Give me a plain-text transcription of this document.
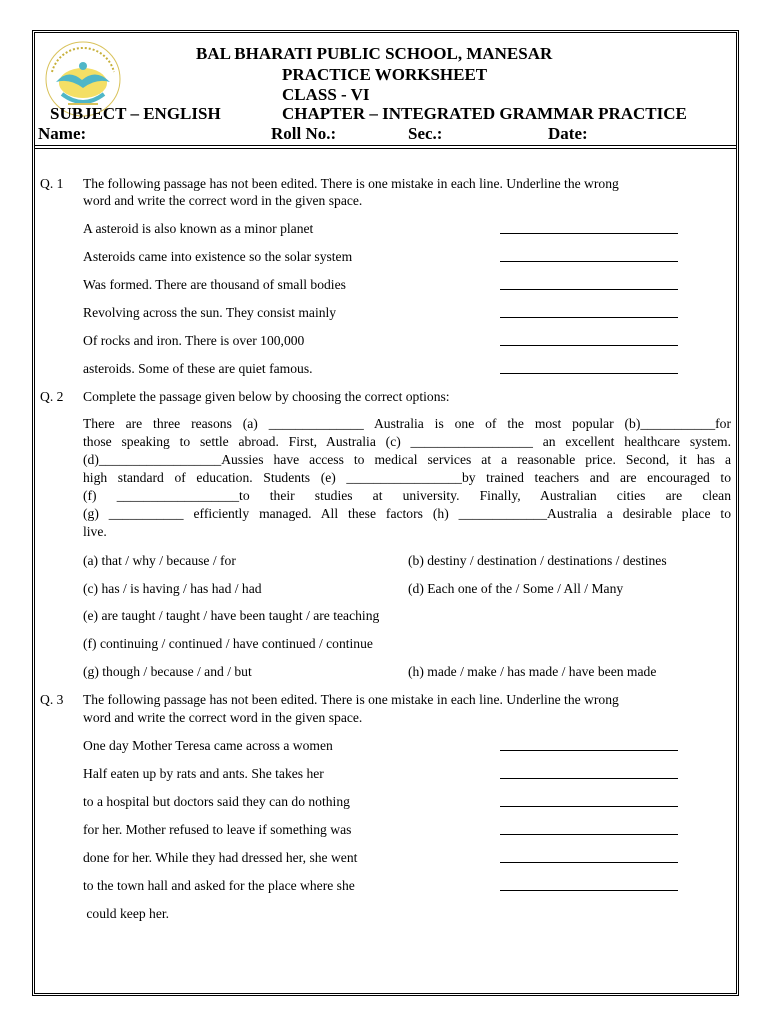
BAL BHARATI PUBLIC SCHOOL, MANESAR
PRACTICE WORKSHEET
CLASS - VI
SUBJECT – ENGLISH	CHAPTER – INTEGRATED GRAMMAR PRACTICE
Name:	Roll No.:	Sec.:	Date:
Q. 1 The following passage has not been edited. There is one mistake in each line. Underline the wrong
word and write the correct word in the given space.
A asteroid is also known as a minor planet
Asteroids came into existence so the solar system
Was formed. There are thousand of small bodies
Revolving across the sun. They consist mainly
Of rocks and iron. There is over 100,000
asteroids. Some of these are quiet famous.
Q. 2 Complete the passage given below by choosing the correct options:
There are three reasons (a) ______________ Australia is one of the most popular (b)___________for
those speaking to settle abroad. First, Australia (c) __________________ an excellent healthcare system.
(d)__________________Aussies have access to medical services at a reasonable price. Second, it has a
high standard of education. Students (e) _________________by trained teachers and are encouraged to
(f) __________________to their studies at university. Finally, Australian cities are clean
(g) ___________ efficiently managed. All these factors (h) _____________Australia a desirable place to
live.
(a) that / why / because / for	(b) destiny / destination / destinations / destines
(c) has / is having / has had / had	(d) Each one of the / Some / All / Many
(e) are taught / taught / have been taught / are teaching
(f) continuing / continued / have continued / continue
(g) though / because / and / but	(h) made / make / has made / have been made
Q. 3 The following passage has not been edited. There is one mistake in each line. Underline the wrong
word and write the correct word in the given space.
One day Mother Teresa came across a women
Half eaten up by rats and ants. She takes her
to a hospital but doctors said they can do nothing
for her. Mother refused to leave if something was
done for her. While they had dressed her, she went
to the town hall and asked for the place where she
could keep her.
